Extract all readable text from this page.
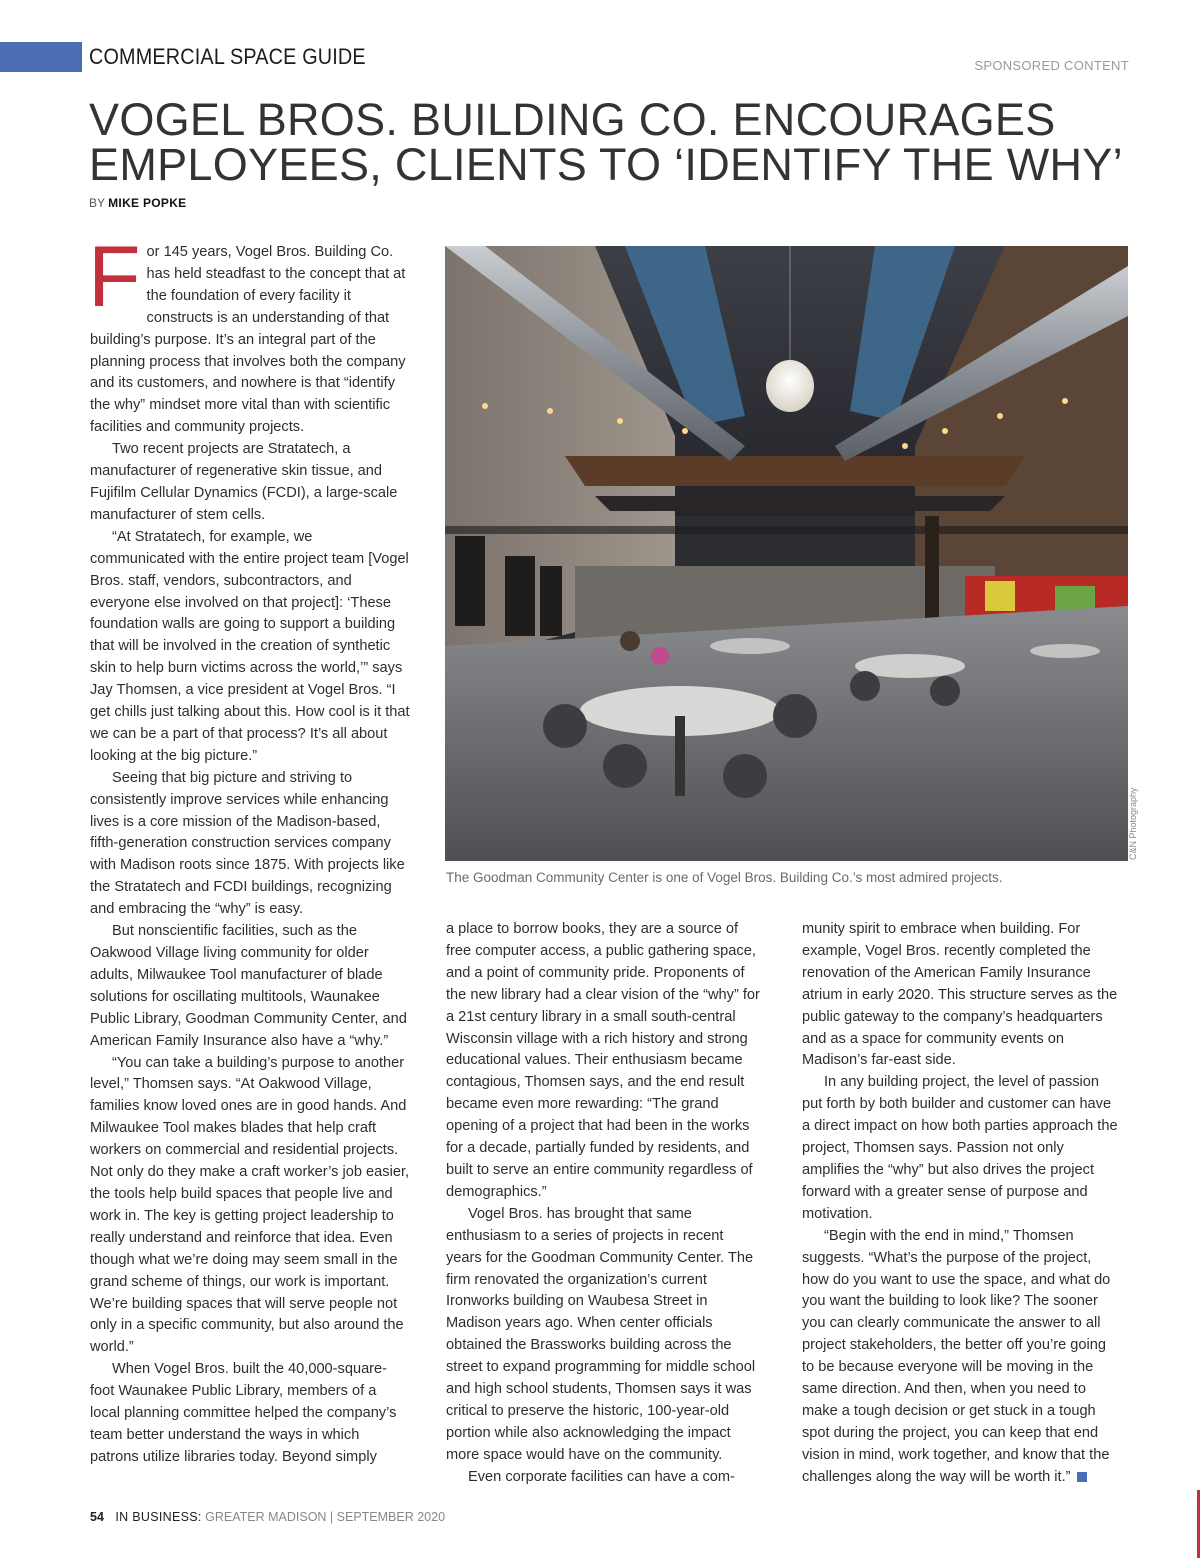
COMMERCIAL SPACE GUIDE	SPONSORED CONTENT
VOGEL BROS. BUILDING CO. ENCOURAGES
EMPLOYEES, CLIENTS TO ‘IDENTIFY THE WHY’
BY MIKE POPKE

For 145 years, Vogel Bros. Building Co. has held steadfast to the concept that at the foundation of every facility it constructs is an understanding of that building’s purpose. It’s an integral part of the planning process that involves both the company and its customers, and nowhere is that “identify the why” mindset more vital than with scientific facilities and community projects.

Two recent projects are Stratatech, a manufacturer of regenerative skin tissue, and Fujifilm Cellular Dynamics (FCDI), a large-scale manufacturer of stem cells.

“At Stratatech, for example, we communicated with the entire project team [Vogel Bros. staff, vendors, subcontractors, and everyone else involved on that project]: ‘These foundation walls are going to support a building that will be involved in the creation of synthetic skin to help burn victims across the world,’” says Jay Thomsen, a vice president at Vogel Bros. “I get chills just talking about this. How cool is it that we can be a part of that process? It’s all about looking at the big picture.”

Seeing that big picture and striving to consistently improve services while enhancing lives is a core mission of the Madison-based, fifth-generation construction services company with Madison roots since 1875. With projects like the Stratatech and FCDI buildings, recognizing and embracing the “why” is easy.

But nonscientific facilities, such as the Oakwood Village living community for older adults, Milwaukee Tool manufacturer of blade solutions for oscillating multitools, Waunakee Public Library, Goodman Community Center, and American Family Insurance also have a “why.”

“You can take a building’s purpose to another level,” Thomsen says. “At Oakwood Village, families know loved ones are in good hands. And Milwaukee Tool makes blades that help craft workers on commercial and residential projects. Not only do they make a craft worker’s job easier, the tools help build spaces that people live and work in. The key is getting project leadership to really understand and reinforce that idea. Even though what we’re doing may seem small in the grand scheme of things, our work is important. We’re building spaces that will serve people not only in a specific community, but also around the world.”

When Vogel Bros. built the 40,000-square-foot Waunakee Public Library, members of a local planning committee helped the company’s team better understand the ways in which patrons utilize libraries today. Beyond simply

C&N Photography
The Goodman Community Center is one of Vogel Bros. Building Co.’s most admired projects.

a place to borrow books, they are a source of free computer access, a public gathering space, and a point of community pride. Proponents of the new library had a clear vision of the “why” for a 21st century library in a small south-central Wisconsin village with a rich history and strong educational values. Their enthusiasm became contagious, Thomsen says, and the end result became even more rewarding: “The grand opening of a project that had been in the works for a decade, partially funded by residents, and built to serve an entire community regardless of demographics.”

Vogel Bros. has brought that same enthusiasm to a series of projects in recent years for the Goodman Community Center. The firm renovated the organization’s current Ironworks building on Waubesa Street in Madison years ago. When center officials obtained the Brassworks building across the street to expand programming for middle school and high school students, Thomsen says it was critical to preserve the historic, 100-year-old portion while also acknowledging the impact more space would have on the community.

Even corporate facilities can have a com-

munity spirit to embrace when building. For example, Vogel Bros. recently completed the renovation of the American Family Insurance atrium in early 2020. This structure serves as the public gateway to the company’s headquarters and as a space for community events on Madison’s far-east side.

In any building project, the level of passion put forth by both builder and customer can have a direct impact on how both parties approach the project, Thomsen says. Passion not only amplifies the “why” but also drives the project forward with a greater sense of purpose and motivation.

“Begin with the end in mind,” Thomsen suggests. “What’s the purpose of the project, how do you want to use the space, and what do you want the building to look like? The sooner you can clearly communicate the answer to all project stakeholders, the better off you’re going to be because everyone will be moving in the same direction. And then, when you need to make a tough decision or get stuck in a tough spot during the project, you can keep that end vision in mind, work together, and know that the challenges along the way will be worth it.”

54 IN BUSINESS: GREATER MADISON | SEPTEMBER 2020
